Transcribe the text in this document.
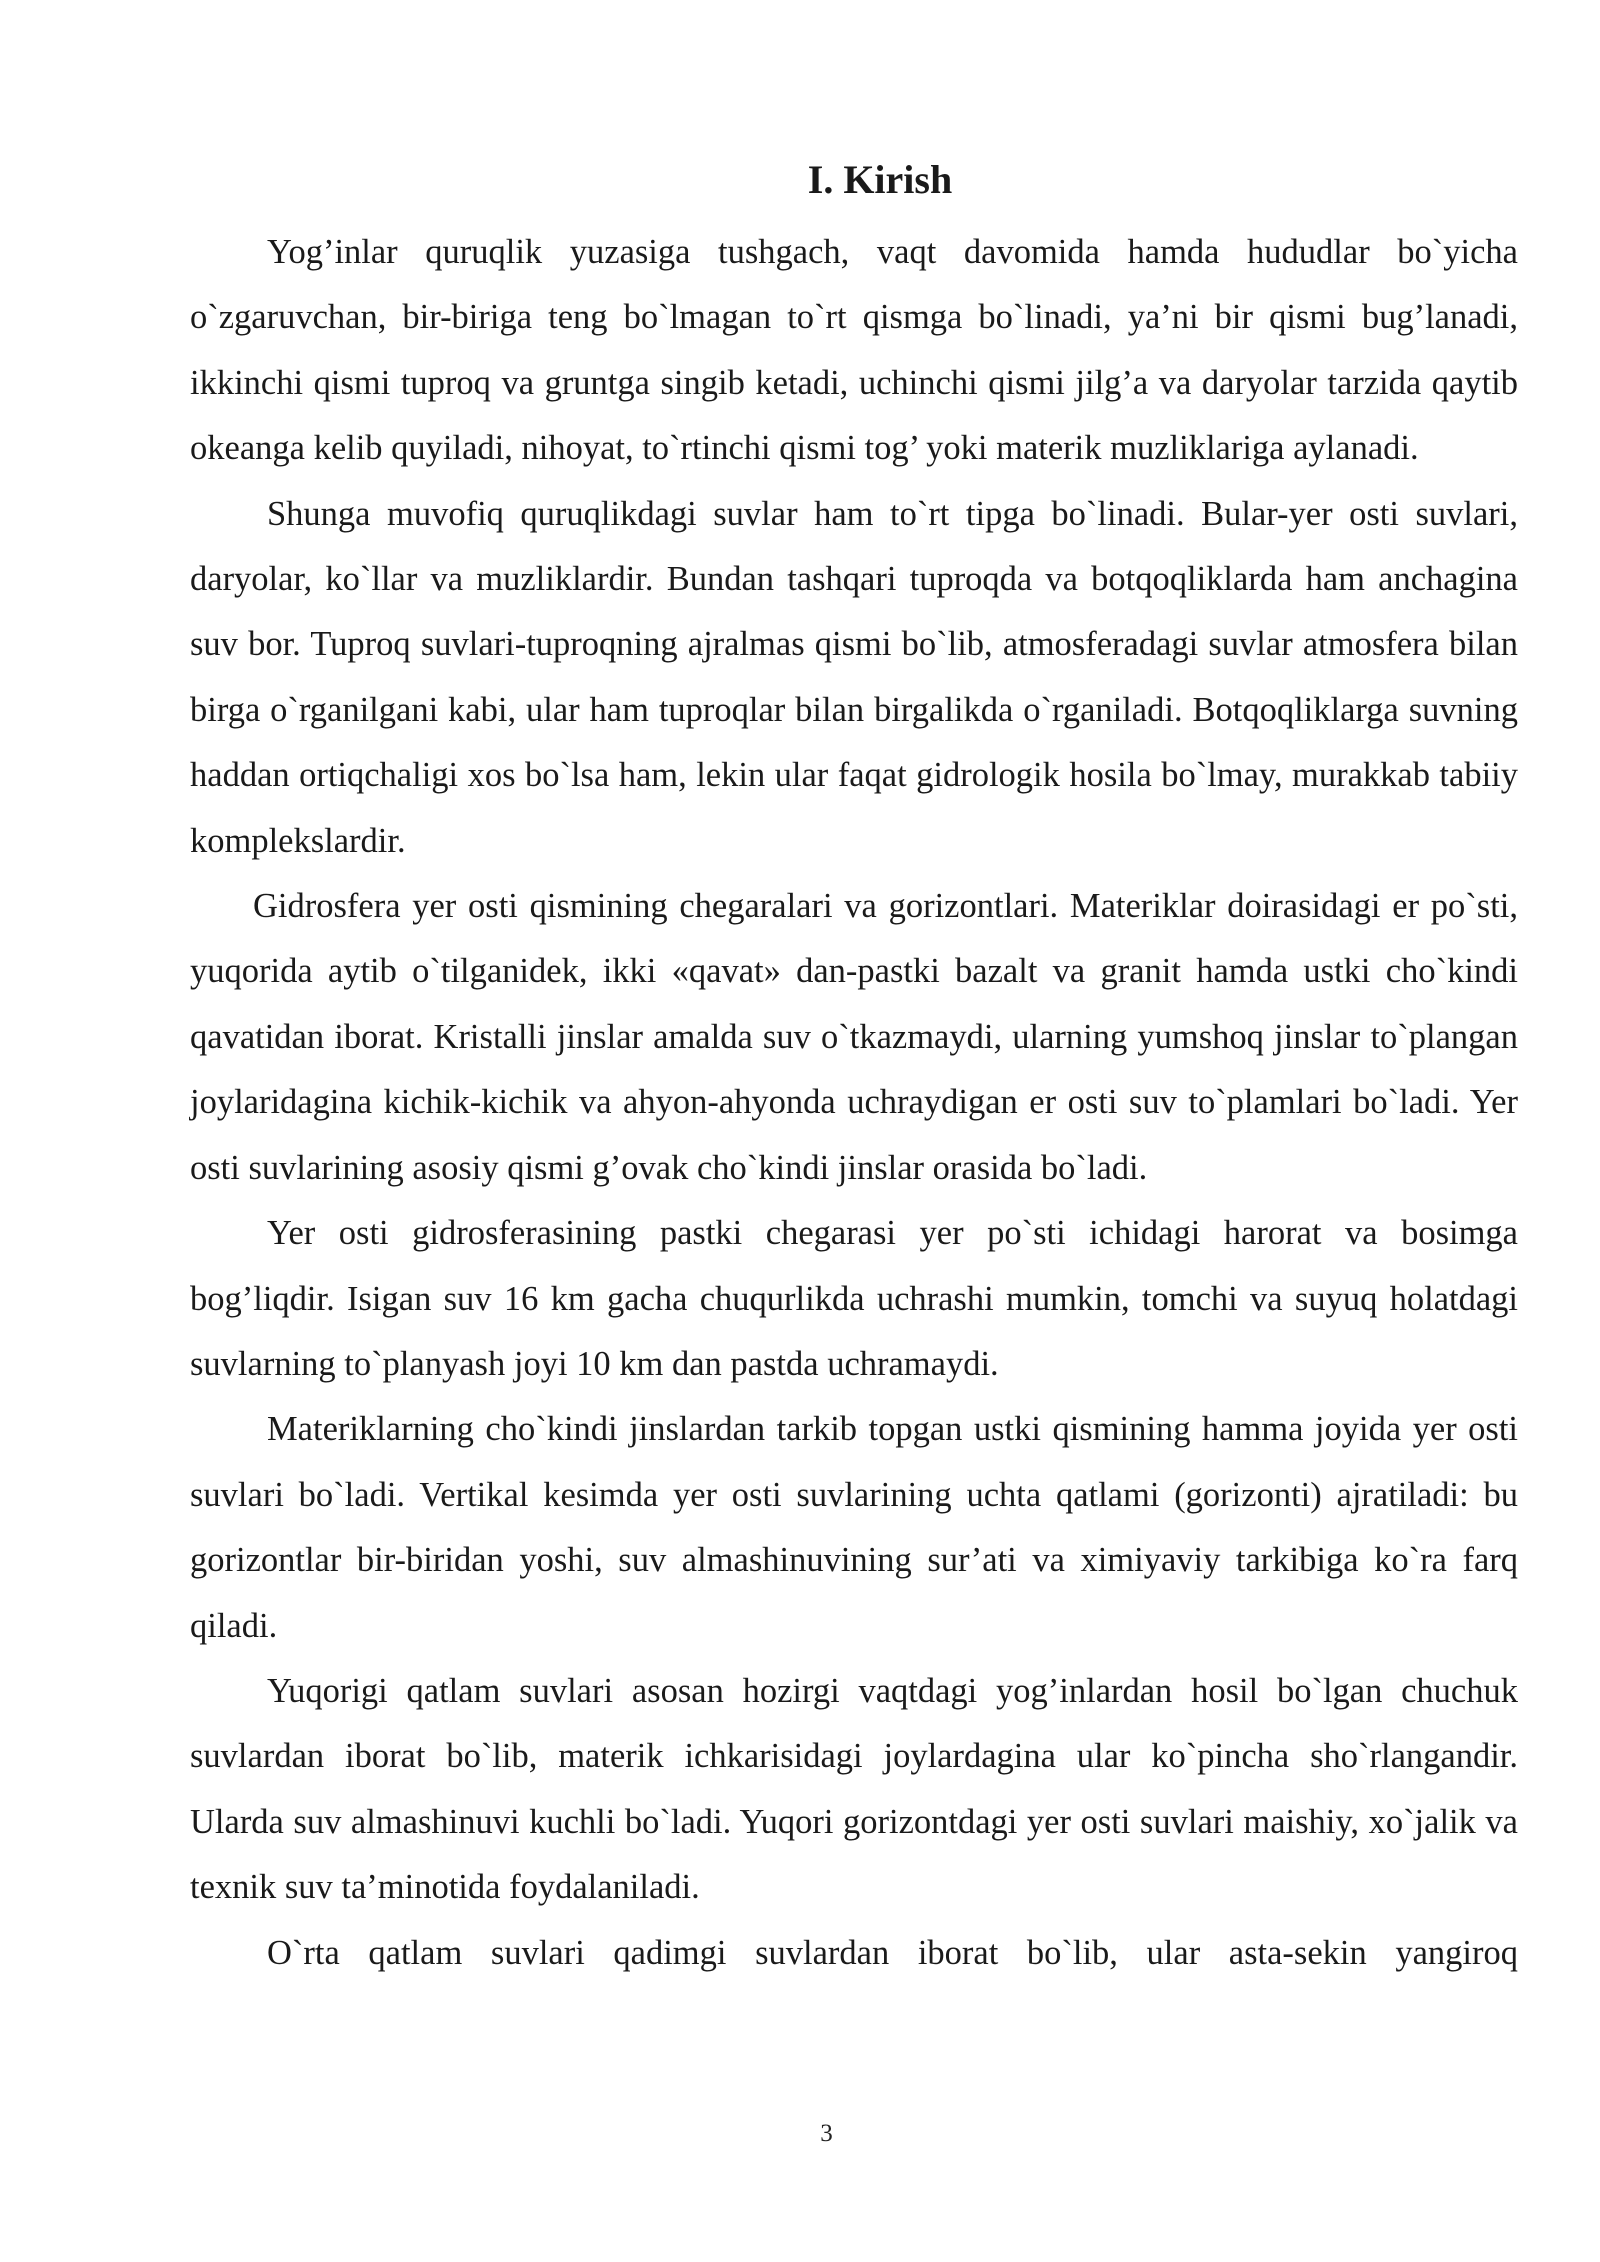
I. Kirish

Yog’inlar quruqlik yuzasiga tushgach, vaqt davomida hamda hududlar bo`yicha o`zgaruvchan, bir-biriga teng bo`lmagan to`rt qismga bo`linadi, ya’ni bir qismi bug’lanadi, ikkinchi qismi tuproq va gruntga singib ketadi, uchinchi qismi jilg’a va daryolar tarzida qaytib okeanga kelib quyiladi, nihoyat, to`rtinchi qismi tog’ yoki materik muzliklariga aylanadi.

Shunga muvofiq quruqlikdagi suvlar ham to`rt tipga bo`linadi. Bular-yer osti suvlari, daryolar, ko`llar va muzliklardir. Bundan tashqari tuproqda va botqoqliklarda ham anchagina suv bor. Tuproq suvlari-tuproqning ajralmas qismi bo`lib, atmosferadagi suvlar atmosfera bilan birga o`rganilgani kabi, ular ham tuproqlar bilan birgalikda o`rganiladi. Botqoqliklarga suvning haddan ortiqchaligi xos bo`lsa ham, lekin ular faqat gidrologik hosila bo`lmay, murakkab tabiiy komplekslardir.

Gidrosfera yer osti qismining chegaralari va gorizontlari. Materiklar doirasidagi er po`sti, yuqorida aytib o`tilganidek, ikki «qavat» dan-pastki bazalt va granit hamda ustki cho`kindi qavatidan iborat. Kristalli jinslar amalda suv o`tkazmaydi, ularning yumshoq jinslar to`plangan joylaridagina kichik-kichik va ahyon-ahyonda uchraydigan er osti suv to`plamlari bo`ladi. Yer osti suvlarining asosiy qismi g’ovak cho`kindi jinslar orasida bo`ladi.

Yer osti gidrosferasining pastki chegarasi yer po`sti ichidagi harorat va bosimga bog’liqdir. Isigan suv 16 km gacha chuqurlikda uchrashi mumkin, tomchi va suyuq holatdagi suvlarning to`planyash joyi 10 km dan pastda uchramaydi.

Materiklarning cho`kindi jinslardan tarkib topgan ustki qismining hamma joyida yer osti suvlari bo`ladi. Vertikal kesimda yer osti suvlarining uchta qatlami (gorizonti) ajratiladi: bu gorizontlar bir-biridan yoshi, suv almashinuvining sur’ati va ximiyaviy tarkibiga ko`ra farq qiladi.

Yuqorigi qatlam suvlari asosan hozirgi vaqtdagi yog’inlardan hosil bo`lgan chuchuk suvlardan iborat bo`lib, materik ichkarisidagi joylardagina ular ko`pincha sho`rlangandir. Ularda suv almashinuvi kuchli bo`ladi. Yuqori gorizontdagi yer osti suvlari maishiy, xo`jalik va texnik suv ta’minotida foydalaniladi.

O`rta qatlam suvlari qadimgi suvlardan iborat bo`lib, ular asta-sekin yangiroq

3
